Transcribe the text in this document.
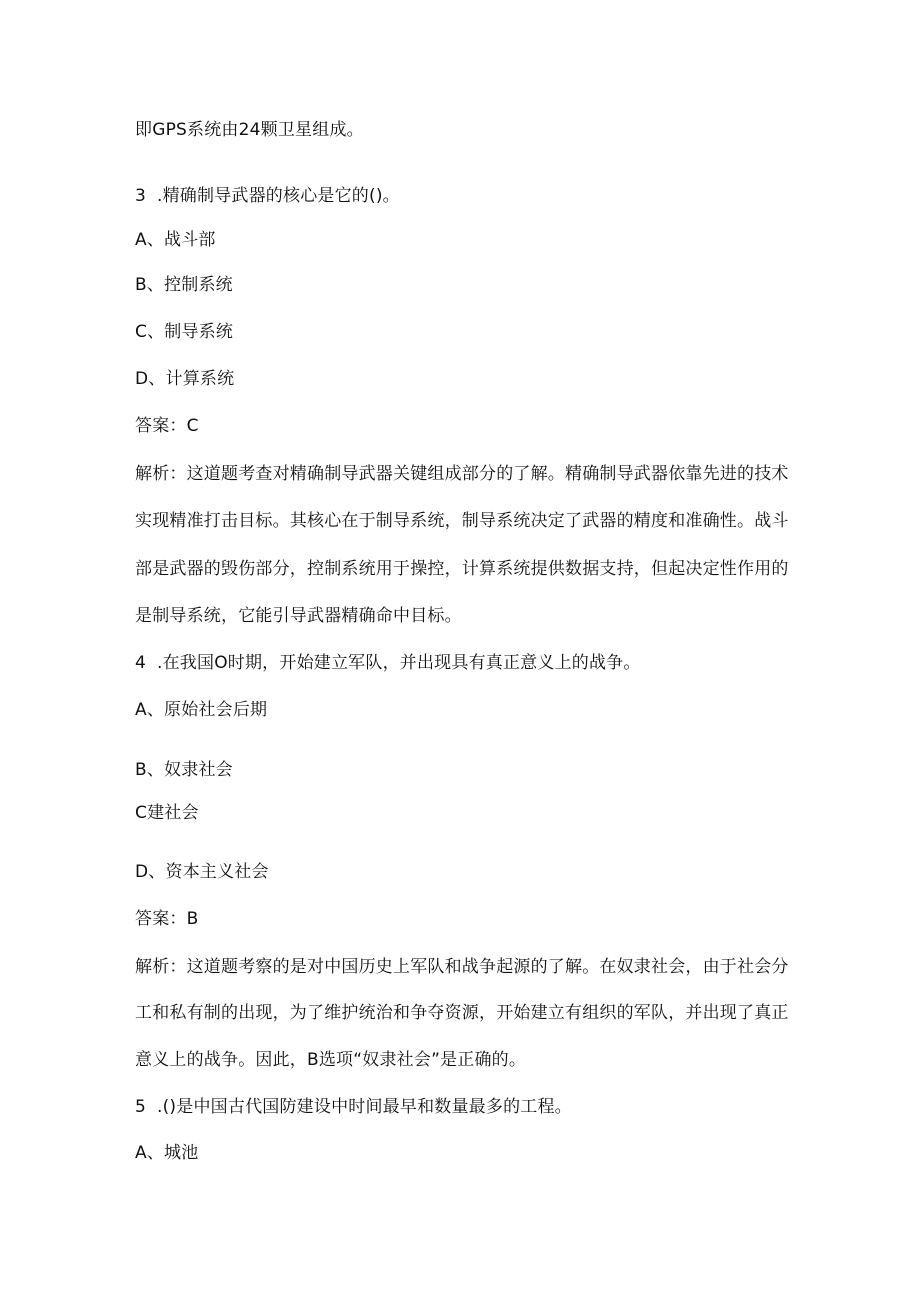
即GPS系统由24颗卫星组成。
3 .精确制导武器的核心是它的()。
A、战斗部
B、控制系统
C、制导系统
D、计算系统
答案：C
解析：这道题考查对精确制导武器关键组成部分的了解。精确制导武器依靠先进的技术
实现精准打击目标。其核心在于制导系统，制导系统决定了武器的精度和准确性。战斗
部是武器的毁伤部分，控制系统用于操控，计算系统提供数据支持，但起决定性作用的
是制导系统，它能引导武器精确命中目标。
4 .在我国O时期，开始建立军队，并出现具有真正意义上的战争。
A、原始社会后期
B、奴隶社会
C建社会
D、资本主义社会
答案：B
解析：这道题考察的是对中国历史上军队和战争起源的了解。在奴隶社会，由于社会分
工和私有制的出现，为了维护统治和争夺资源，开始建立有组织的军队，并出现了真正
意义上的战争。因此，B选项“奴隶社会”是正确的。
5 .()是中国古代国防建设中时间最早和数量最多的工程。
A、城池
